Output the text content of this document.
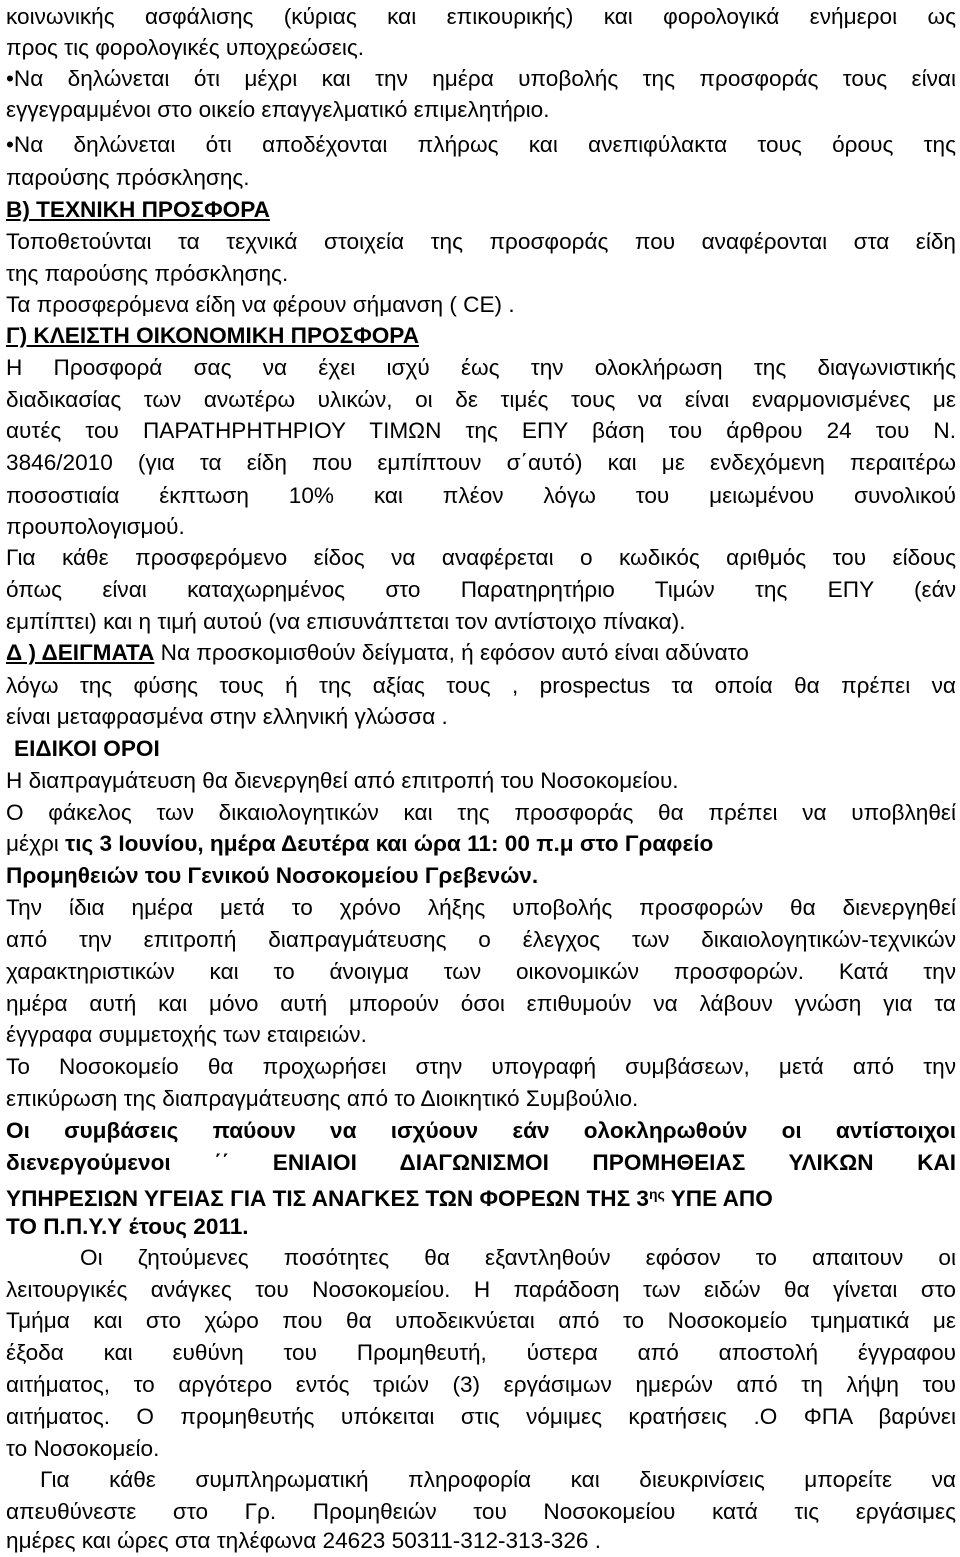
κοινωνικής ασφάλισης (κύριας και επικουρικής) και φορολογικά ενήμεροι ως
προς τις φορολογικές υποχρεώσεις.
•Να δηλώνεται ότι μέχρι και την ημέρα υποβολής της προσφοράς τους είναι
εγγεγραμμένοι στο οικείο επαγγελματικό επιμελητήριο.
•Να δηλώνεται ότι αποδέχονται πλήρως και ανεπιφύλακτα τους όρους της
παρούσης πρόσκλησης.
Β) ΤΕΧΝΙΚΗ ΠΡΟΣΦΟΡΑ
Τοποθετούνται τα τεχνικά στοιχεία της προσφοράς που αναφέρονται στα είδη
της παρούσης πρόσκλησης.
Τα προσφερόμενα είδη να φέρουν σήμανση ( CE) .
Γ) ΚΛΕΙΣΤΗ ΟΙΚΟΝΟΜΙΚΗ ΠΡΟΣΦΟΡΑ
Η Προσφορά σας να έχει ισχύ έως την ολοκλήρωση της διαγωνιστικής
διαδικασίας των ανωτέρω υλικών, οι δε τιμές τους να είναι εναρμονισμένες με
αυτές του ΠΑΡΑΤΗΡΗΤΗΡΙΟΥ ΤΙΜΩΝ της ΕΠΥ βάση του άρθρου 24 του Ν.
3846/2010 (για τα είδη που εμπίπτουν σ΄αυτό) και με ενδεχόμενη περαιτέρω
ποσοστιαία έκπτωση 10% και πλέον λόγω του μειωμένου συνολικού
προυπολογισμού.
Για κάθε προσφερόμενο είδος να αναφέρεται ο κωδικός αριθμός του είδους
όπως είναι καταχωρημένος στο Παρατηρητήριο Τιμών της ΕΠΥ (εάν
εμπίπτει) και η τιμή αυτού (να επισυνάπτεται τον αντίστοιχο πίνακα).
Δ ) ΔΕΙΓΜΑΤΑ Να προσκομισθούν δείγματα, ή εφόσον αυτό είναι αδύνατο
λόγω της φύσης τους ή της αξίας τους , prospectus τα οποία θα πρέπει να
είναι μεταφρασμένα στην ελληνική γλώσσα .
ΕΙΔΙΚΟΙ ΟΡΟΙ
Η διαπραγμάτευση θα διενεργηθεί από επιτροπή του Νοσοκομείου.
Ο φάκελος των δικαιολογητικών και της προσφοράς θα πρέπει να υποβληθεί
μέχρι τις 3 Ιουνίου, ημέρα Δευτέρα και ώρα 11: 00 π.μ στο Γραφείο
Προμηθειών του Γενικού Νοσοκομείου Γρεβενών.
Την ίδια ημέρα μετά το χρόνο λήξης υποβολής προσφορών θα διενεργηθεί
από την επιτροπή διαπραγμάτευσης ο έλεγχος των δικαιολογητικών-τεχνικών
χαρακτηριστικών και το άνοιγμα των οικονομικών προσφορών. Κατά την
ημέρα αυτή και μόνο αυτή μπορούν όσοι επιθυμούν να λάβουν γνώση για τα
έγγραφα συμμετοχής των εταιρειών.
Το Νοσοκομείο θα προχωρήσει στην υπογραφή συμβάσεων, μετά από την
επικύρωση της διαπραγμάτευσης από το Διοικητικό Συμβούλιο.
Οι συμβάσεις παύουν να ισχύουν εάν ολοκληρωθούν οι αντίστοιχοι
διενεργούμενοι ΄΄ ΕΝΙΑΙΟΙ ΔΙΑΓΩΝΙΣΜΟΙ ΠΡΟΜΗΘΕΙΑΣ ΥΛΙΚΩΝ ΚΑΙ
ΥΠΗΡΕΣΙΩΝ ΥΓΕΙΑΣ ΓΙΑ ΤΙΣ ΑΝΑΓΚΕΣ ΤΩΝ ΦΟΡΕΩΝ ΤΗΣ $3^{\eta\varsigma}$ ΥΠΕ ΑΠΟ
ΤΟ Π.Π.Υ.Υ έτους 2011.
Οι ζητούμενες ποσότητες θα εξαντληθούν εφόσον το απαιτουν οι
λειτουργικές ανάγκες του Νοσοκομείου. Η παράδοση των ειδών θα γίνεται στο
Τμήμα και στο χώρο που θα υποδεικνύεται από το Νοσοκομείο τμηματικά με
έξοδα και ευθύνη του Προμηθευτή, ύστερα από αποστολή έγγραφου
αιτήματος, το αργότερο εντός τριών (3) εργάσιμων ημερών από τη λήψη του
αιτήματος. Ο προμηθευτής υπόκειται στις νόμιμες κρατήσεις .Ο ΦΠΑ βαρύνει
το Νοσοκομείο.
Για κάθε συμπληρωματική πληροφορία και διευκρινίσεις μπορείτε να
απευθύνεστε στο Γρ. Προμηθειών του Νοσοκομείου κατά τις εργάσιμες
ημέρες και ώρες στα τηλέφωνα 24623 50311-312-313-326 .
